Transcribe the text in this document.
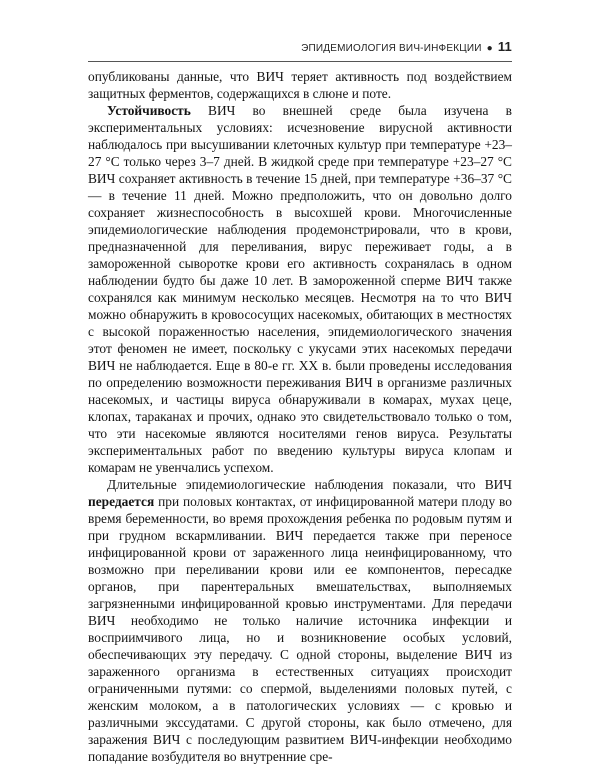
ЭПИДЕМИОЛОГИЯ ВИЧ-ИНФЕКЦИИ ● 11

опубликованы данные, что ВИЧ теряет активность под воздействием защитных ферментов, содержащихся в слюне и поте.

Устойчивость ВИЧ во внешней среде была изучена в экспериментальных условиях: исчезновение вирусной активности наблюдалось при высушивании клеточных культур при температуре +23–27 °С только через 3–7 дней. В жидкой среде при температуре +23–27 °С ВИЧ сохраняет активность в течение 15 дней, при температуре +36–37 °С — в течение 11 дней. Можно предположить, что он довольно долго сохраняет жизнеспособность в высохшей крови. Многочисленные эпидемиологические наблюдения продемонстрировали, что в крови, предназначенной для переливания, вирус переживает годы, а в замороженной сыворотке крови его активность сохранялась в одном наблюдении будто бы даже 10 лет. В замороженной сперме ВИЧ также сохранялся как минимум несколько месяцев. Несмотря на то что ВИЧ можно обнаружить в кровососущих насекомых, обитающих в местностях с высокой пораженностью населения, эпидемиологического значения этот феномен не имеет, поскольку с укусами этих насекомых передачи ВИЧ не наблюдается. Еще в 80-е гг. XX в. были проведены исследования по определению возможности переживания ВИЧ в организме различных насекомых, и частицы вируса обнаруживали в комарах, мухах цеце, клопах, тараканах и прочих, однако это свидетельствовало только о том, что эти насекомые являются носителями генов вируса. Результаты экспериментальных работ по введению культуры вируса клопам и комарам не увенчались успехом.

Длительные эпидемиологические наблюдения показали, что ВИЧ передается при половых контактах, от инфицированной матери плоду во время беременности, во время прохождения ребенка по родовым путям и при грудном вскармливании. ВИЧ передается также при переносе инфицированной крови от зараженного лица неинфицированному, что возможно при переливании крови или ее компонентов, пересадке органов, при парентеральных вмешательствах, выполняемых загрязненными инфицированной кровью инструментами. Для передачи ВИЧ необходимо не только наличие источника инфекции и восприимчивого лица, но и возникновение особых условий, обеспечивающих эту передачу. С одной стороны, выделение ВИЧ из зараженного организма в естественных ситуациях происходит ограниченными путями: со спермой, выделениями половых путей, с женским молоком, а в патологических условиях — с кровью и различными экссудатами. С другой стороны, как было отмечено, для заражения ВИЧ с последующим развитием ВИЧ-инфекции необходимо попадание возбудителя во внутренние сре-
